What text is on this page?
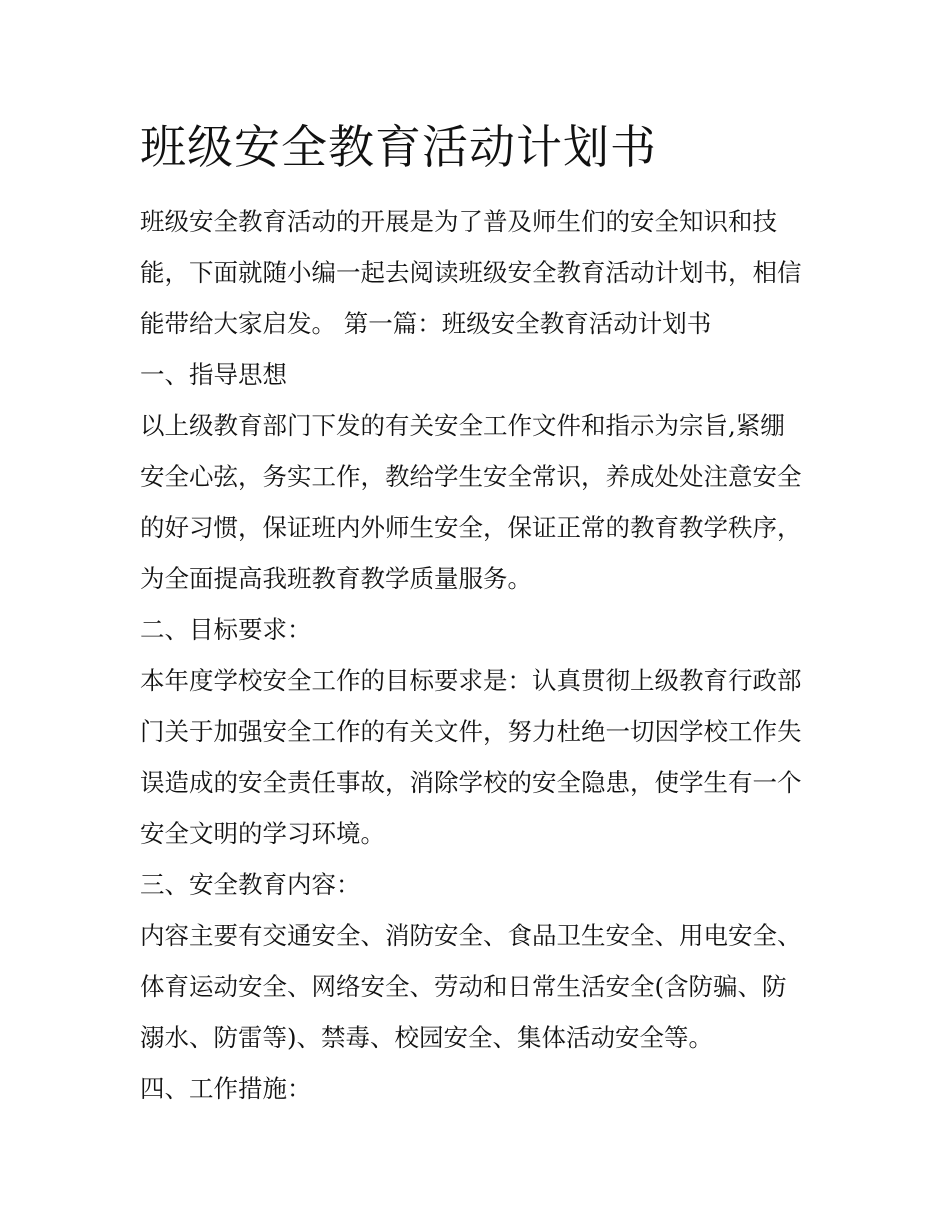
班级安全教育活动计划书
班级安全教育活动的开展是为了普及师生们的安全知识和技
能，下面就随小编一起去阅读班级安全教育活动计划书，相信
能带给大家启发。 第一篇：班级安全教育活动计划书
一、指导思想
以上级教育部门下发的有关安全工作文件和指示为宗旨,紧绷
安全心弦，务实工作，教给学生安全常识，养成处处注意安全
的好习惯，保证班内外师生安全，保证正常的教育教学秩序，
为全面提高我班教育教学质量服务。
二、目标要求：
本年度学校安全工作的目标要求是：认真贯彻上级教育行政部
门关于加强安全工作的有关文件，努力杜绝一切因学校工作失
误造成的安全责任事故，消除学校的安全隐患，使学生有一个
安全文明的学习环境。
三、安全教育内容：
内容主要有交通安全、消防安全、食品卫生安全、用电安全、
体育运动安全、网络安全、劳动和日常生活安全(含防骗、防
溺水、防雷等)、禁毒、校园安全、集体活动安全等。
四、工作措施：
